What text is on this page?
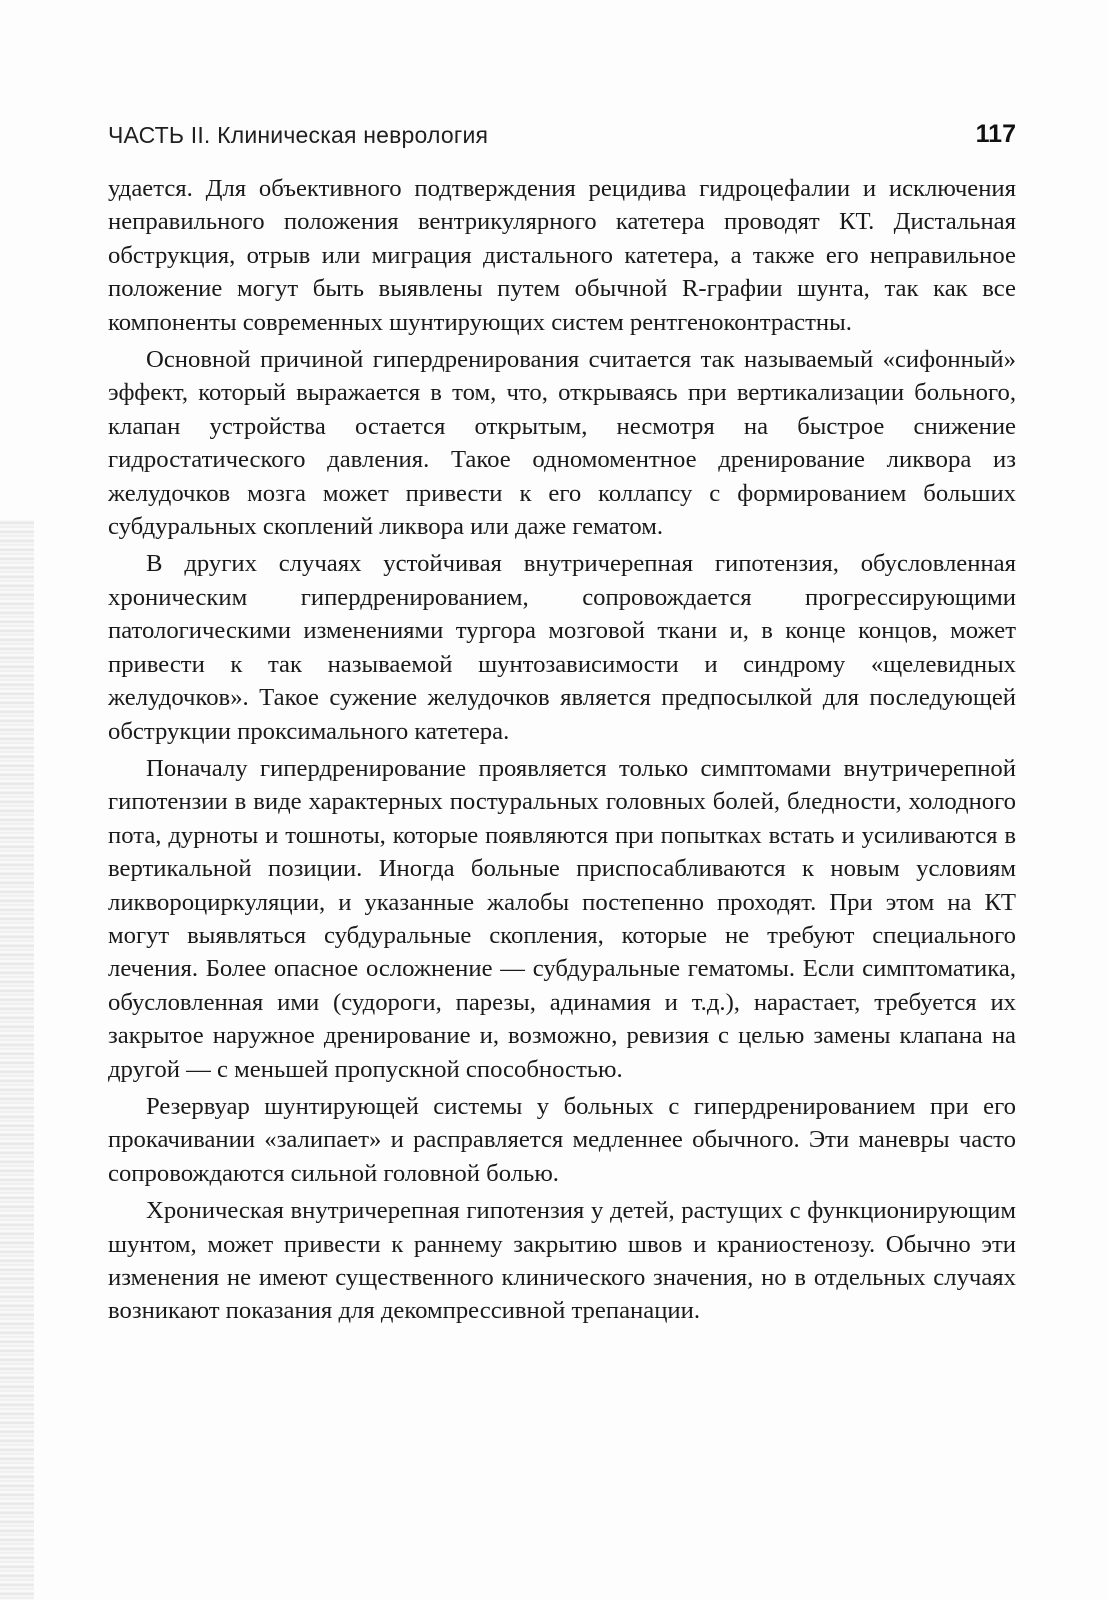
ЧАСТЬ II. Клиническая неврология	117

удается. Для объективного подтверждения рецидива гидроцефалии и исключения неправильного положения вентрикулярного катетера проводят КТ. Дистальная обструкция, отрыв или миграция дистального катетера, а также его неправильное положение могут быть выявлены путем обычной R-графии шунта, так как все компоненты современных шунтирующих систем рентгеноконтрастны.

Основной причиной гипердренирования считается так называемый «сифонный» эффект, который выражается в том, что, открываясь при вертикализации больного, клапан устройства остается открытым, несмотря на быстрое снижение гидростатического давления. Такое одномоментное дренирование ликвора из желудочков мозга может привести к его коллапсу с формированием больших субдуральных скоплений ликвора или даже гематом.

В других случаях устойчивая внутричерепная гипотензия, обусловленная хроническим гипердренированием, сопровождается прогрессирующими патологическими изменениями тургора мозговой ткани и, в конце концов, может привести к так называемой шунтозависимости и синдрому «щелевидных желудочков». Такое сужение желудочков является предпосылкой для последующей обструкции проксимального катетера.

Поначалу гипердренирование проявляется только симптомами внутричерепной гипотензии в виде характерных постуральных головных болей, бледности, холодного пота, дурноты и тошноты, которые появляются при попытках встать и усиливаются в вертикальной позиции. Иногда больные приспосабливаются к новым условиям ликвороциркуляции, и указанные жалобы постепенно проходят. При этом на КТ могут выявляться субдуральные скопления, которые не требуют специального лечения. Более опасное осложнение — субдуральные гематомы. Если симптоматика, обусловленная ими (судороги, парезы, адинамия и т.д.), нарастает, требуется их закрытое наружное дренирование и, возможно, ревизия с целью замены клапана на другой — с меньшей пропускной способностью.

Резервуар шунтирующей системы у больных с гипердренированием при его прокачивании «залипает» и расправляется медленнее обычного. Эти маневры часто сопровождаются сильной головной болью.

Хроническая внутричерепная гипотензия у детей, растущих с функционирующим шунтом, может привести к раннему закрытию швов и краниостенозу. Обычно эти изменения не имеют существенного клинического значения, но в отдельных случаях возникают показания для декомпрессивной трепанации.
